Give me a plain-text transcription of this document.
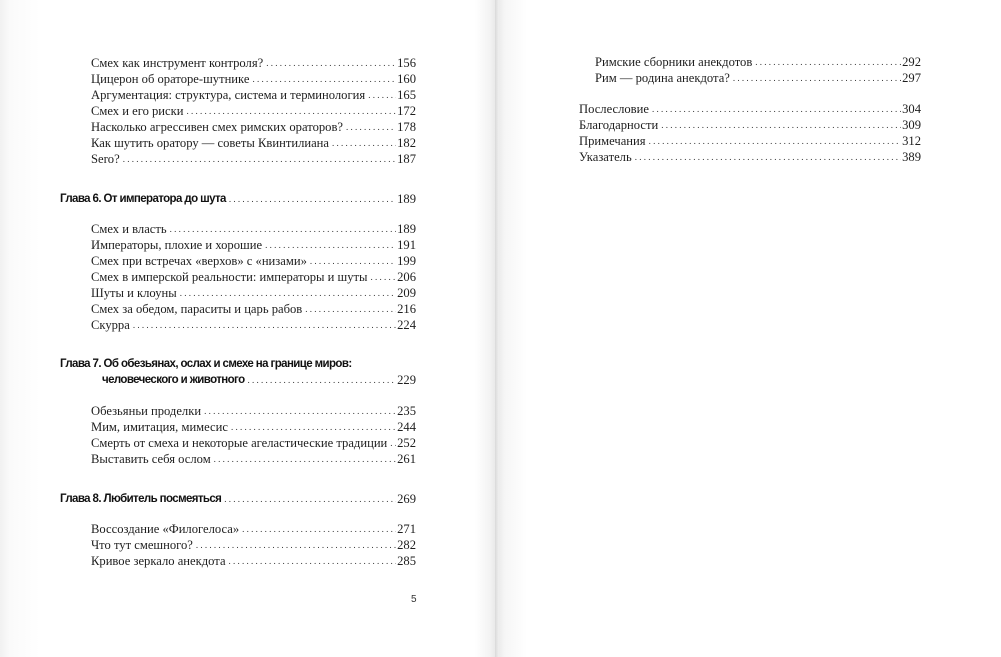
Смех как инструмент контроля? . . .	156
Цицерон об ораторе-шутнике . . .	160
Аргументация: структура, система и терминология . . .	165
Смех и его риски . . .	172
Насколько агрессивен смех римских ораторов? . . .	178
Как шутить оратору — советы Квинтилиана . . .	182
Sero? . . .	187
Глава 6. От императора до шута . . .	189
Смех и власть . . .	189
Императоры, плохие и хорошие . . .	191
Смех при встречах «верхов» с «низами» . . .	199
Смех в имперской реальности: императоры и шуты . . . 206
Шуты и клоуны . . .	209
Смех за обедом, параситы и царь рабов . . .	216
Скурра . . .	224
Глава 7. Об обезьянах, ослах и смехе на границе миров:
человеческого и животного . . .	229
Обезьяньи проделки . . .	235
Мим, имитация, мимесис . . .	244
Смерть от смеха и некоторые агеластические традиции . . . 252
Выставить себя ослом . . .	261
Глава 8. Любитель посмеяться . . .	269
Воссоздание «Филогелоса» . . .	271
Что тут смешного? . . .	282
Кривое зеркало анекдота . . .	285
5
Римские сборники анекдотов . . .	292
Рим — родина анекдота? . . .	297
Послесловие . . .	304
Благодарности . . .	309
Примечания . . .	312
Указатель . . .	389
